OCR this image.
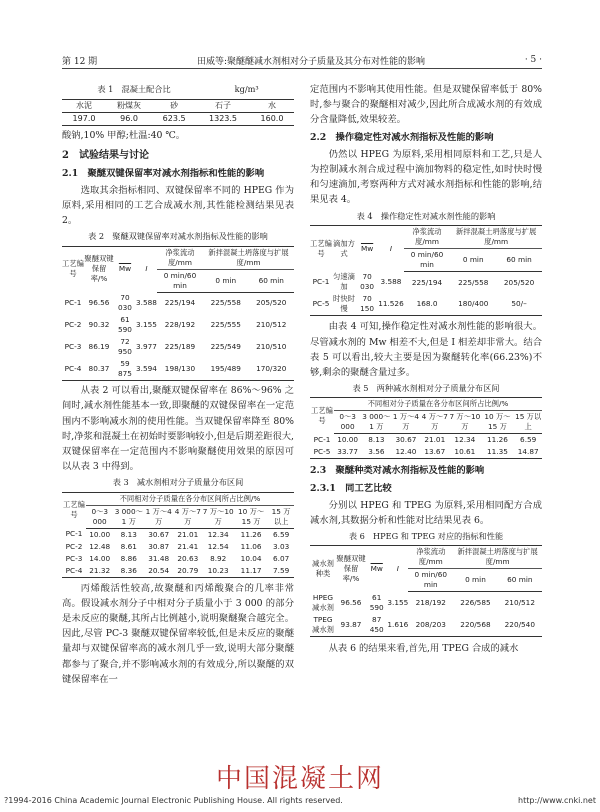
第 12 期	田威等:聚醚醚减水剂相对分子质量及其分布对性能的影响	· 5 ·
表 1　混凝土配合比	kg/m³
水泥	粉煤灰	砂	石子	水
197.0	96.0	623.5	1323.5	160.0

酸钠,10% 甲醇;杜温:40 ℃。

2　试验结果与讨论
2.1　聚醚双键保留率对减水剂指标和性能的影响

选取其余指标相同、双键保留率不同的 HPEG 作为原料,采用相同的工艺合成减水剂,其性能检测结果见表 2。

表 2　聚醚双键保留率对减水剂指标及性能的影响
工艺编号	聚醚双键保留率/%	$\overline{Mw}$	I	净浆流动度/mm	新拌混凝土坍落度与扩展度/mm	
				0 min/60 min	0 min	60 min
PC-1	96.56	70 030	3.588	225/194	225/558	205/520
PC-2	90.32	61 590	3.155	228/192	225/555	210/512
PC-3	86.19	72 950	3.977	225/189	225/549	210/510
PC-4	80.37	59 875	3.594	198/130	195/489	170/320

从表 2 可以看出,聚醚双键保留率在 86%～96% 之间时,减水剂性能基本一致,即聚醚的双键保留率在一定范围内不影响减水剂的使用性能。当双键保留率降至 80% 时,净浆和混凝土在初始时要影响较小,但是后期差距很大,双键保留率在一定范围内不影响聚醚使用效果的原因可以从表 3 中得到。

表 3　减水剂相对分子质量分布区间
工艺编号	不同相对分子质量在各分布区间所占比例/%						
	0～3 000	3 000～1 万	1 万～4 万	4 万～7 万	7 万～10 万	10 万～15 万	15 万以上
PC-1	10.00	8.13	30.67	21.01	12.34	11.26	6.59
PC-2	12.48	8.61	30.87	21.41	12.54	11.06	3.03
PC-3	14.00	8.86	31.48	20.63	8.92	10.04	6.07
PC-4	21.32	8.36	20.54	20.79	10.23	11.17	7.59

丙烯酸活性较高,故聚醚和丙烯酸聚合的几率非常高。假设减水剂分子中相对分子质量小于 3 000 的部分是未反应的聚醚,其所占比例越小,说明聚醚聚合越完全。因此,尽管 PC-3 聚醚双键保留率较低,但是未反应的聚醚量却与双键保留率高的减水剂几乎一致,说明大部分聚醚都参与了聚合,并不影响减水剂的有效成分,所以聚醚的双键保留率在一

定范围内不影响其使用性能。但是双键保留率低于 80% 时,参与聚合的聚醚相对减少,因此所合成减水剂的有效成分含量降低,效果较差。

2.2　操作稳定性对减水剂指标及性能的影响

仍然以 HPEG 为原料,采用相同原料和工艺,只是人为控制减水剂合成过程中滴加物料的稳定性,如时快时慢和匀速滴加,考察两种方式对减水剂指标和性能的影响,结果见表 4。

表 4　操作稳定性对减水剂性能的影响
工艺编号	滴加方式	$\overline{Mw}$	I	净浆流动度/mm	新拌混凝土坍落度与扩展度/mm	
				0 min/60 min	0 min	60 min
PC-1	匀速滴加	70 030	3.588	225/194	225/558	205/520
PC-5	时快时慢	70 150	11.526	168.0	180/400	50/–

由表 4 可知,操作稳定性对减水剂性能的影响很大。尽管减水剂的 Mw 相差不大,但是 I 相差却非常大。结合表 5 可以看出,较大主要是因为聚醚转化率(66.23%)不够,剩余的聚醚含量过多。

表 5　两种减水剂相对分子质量分布区间
工艺编号	不同相对分子质量在各分布区间所占比例/%						
	0～3 000	3 000～1 万	1 万～4 万	4 万～7 万	7 万～10 万	10 万～15 万	15 万以上
PC-1	10.00	8.13	30.67	21.01	12.34	11.26	6.59
PC-5	33.77	3.56	12.40	13.67	10.61	11.35	14.87
2.3　聚醚种类对减水剂指标及性能的影响
2.3.1　同工艺比较

分别以 HPEG 和 TPEG 为原料,采用相同配方合成减水剂,其数据分析和性能对比结果见表 6。

表 6　HPEG 和 TPEG 对应的指标和性能
减水剂种类	聚醚双键保留率/%	$\overline{Mw}$	I	净浆流动度/mm	新拌混凝土坍落度与扩展度/mm	
				0 min/60 min	0 min	60 min
HPEG 减水剂	96.56	61 590	3.155	218/192	226/585	210/512
TPEG 减水剂	93.87	87 450	1.616	208/203	220/568	220/540

从表 6 的结果来看,首先,用 TPEG 合成的减水

中国混凝土网
?1994-2016 China Academic Journal Electronic Publishing House. All rights reserved.	http://www.cnki.net
